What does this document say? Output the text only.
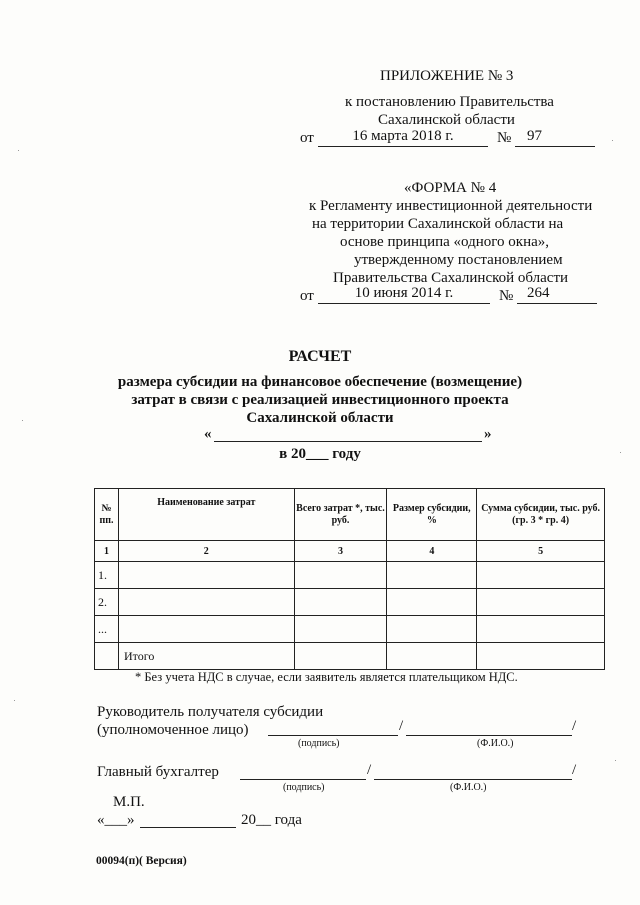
ПРИЛОЖЕНИЕ № 3
к постановлению Правительства
Сахалинской области
от	16 марта 2018 г.	№ 97
«ФОРМА № 4
к Регламенту инвестиционной деятельности
на территории Сахалинской области на
основе принципа «одного окна»,
утвержденному постановлением
Правительства Сахалинской области
от	10 июня 2014 г.	№ 264
РАСЧЕТ
размера субсидии на финансовое обеспечение (возмещение)
затрат в связи с реализацией инвестиционного проекта
Сахалинской области
«	»
в 20___ году
№ пп.	Наименование затрат	Всего затрат *, тыс. руб.	Размер субсидии, %	Сумма субсидии, тыс. руб. (гр. 3 * гр. 4)
1	2	3	4	5
1.				
2.				
...				
	Итого			
* Без учета НДС в случае, если заявитель является плательщиком НДС.
Руководитель получателя субсидии
(уполномоченное лицо)	/	/
(подпись)	(Ф.И.О.)
Главный бухгалтер	/	/
(подпись)	(Ф.И.О.)
М.П.
«___»	20__ года
00094(п)( Версия)
